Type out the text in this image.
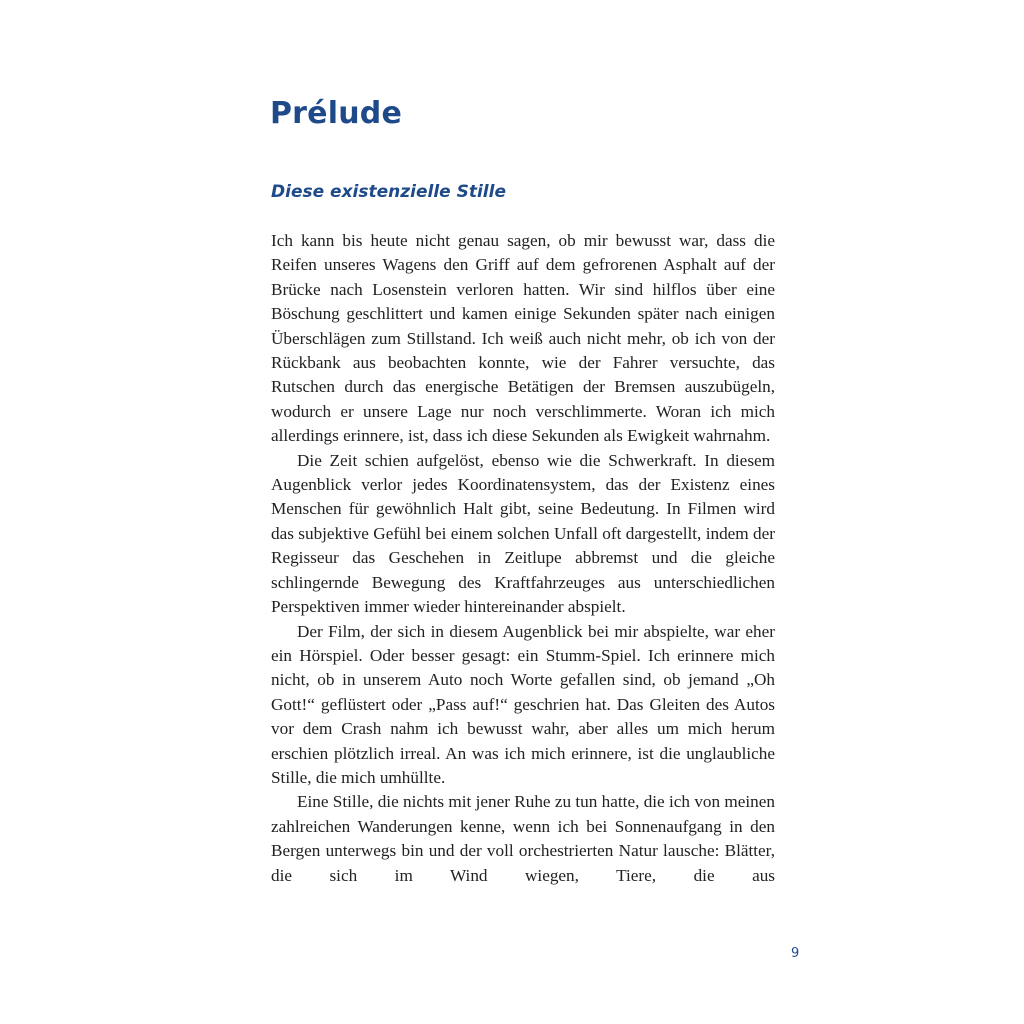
Prélude
Diese existenzielle Stille

Ich kann bis heute nicht genau sagen, ob mir bewusst war, dass die Reifen unseres Wagens den Griff auf dem gefrorenen Asphalt auf der Brücke nach Losenstein verloren hatten. Wir sind hilflos über eine Böschung geschlittert und kamen einige Sekunden später nach einigen Überschlägen zum Stillstand. Ich weiß auch nicht mehr, ob ich von der Rückbank aus beobachten konnte, wie der Fahrer versuchte, das Rutschen durch das energische Betätigen der Bremsen auszubügeln, wodurch er unsere Lage nur noch verschlimmerte. Woran ich mich allerdings erinnere, ist, dass ich diese Sekunden als Ewigkeit wahrnahm.

Die Zeit schien aufgelöst, ebenso wie die Schwerkraft. In diesem Augenblick verlor jedes Koordinatensystem, das der Existenz eines Menschen für gewöhnlich Halt gibt, seine Bedeutung. In Filmen wird das subjektive Gefühl bei einem solchen Unfall oft dargestellt, indem der Regisseur das Geschehen in Zeitlupe abbremst und die gleiche schlingernde Bewegung des Kraftfahrzeuges aus unterschiedlichen Perspektiven immer wieder hintereinander abspielt.

Der Film, der sich in diesem Augenblick bei mir abspielte, war eher ein Hörspiel. Oder besser gesagt: ein Stumm-Spiel. Ich erinnere mich nicht, ob in unserem Auto noch Worte gefallen sind, ob jemand „Oh Gott!“ geflüstert oder „Pass auf!“ geschrien hat. Das Gleiten des Autos vor dem Crash nahm ich bewusst wahr, aber alles um mich herum erschien plötzlich irreal. An was ich mich erinnere, ist die unglaubliche Stille, die mich umhüllte.

Eine Stille, die nichts mit jener Ruhe zu tun hatte, die ich von meinen zahlreichen Wanderungen kenne, wenn ich bei Sonnenaufgang in den Bergen unterwegs bin und der voll orchestrierten Natur lausche: Blätter, die sich im Wind wiegen, Tiere, die aus

9
